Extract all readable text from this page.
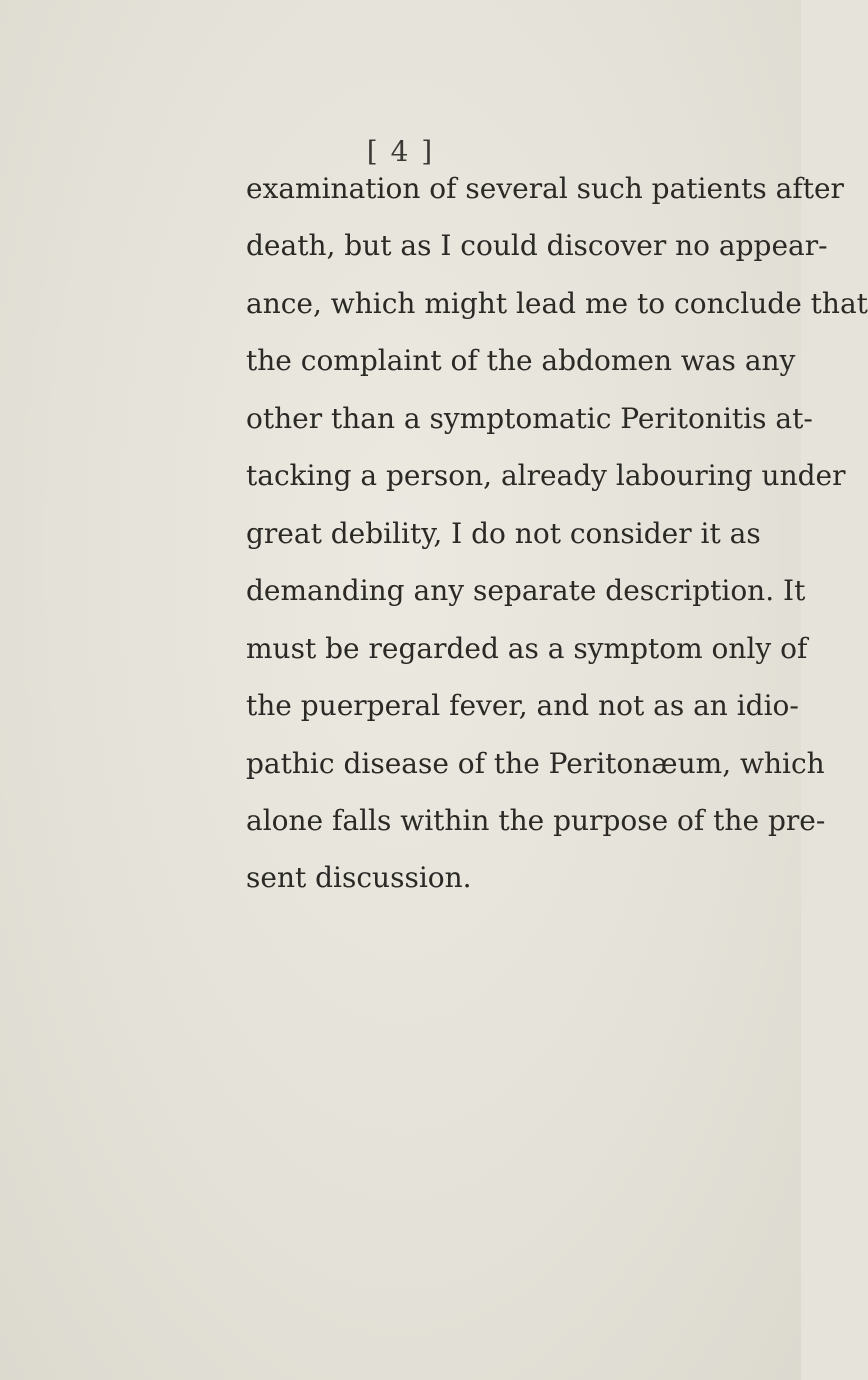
[ 4 ]
examination of several such patients after
death, but as I could discover no appear-
ance, which might lead me to conclude that
the complaint of the abdomen was any
other than a symptomatic Peritonitis at-
tacking a person, already labouring under
great debility, I do not consider it as
demanding any separate description. It
must be regarded as a symptom only of
the puerperal fever, and not as an idio-
pathic disease of the Peritonæum, which
alone falls within the purpose of the pre-
sent discussion.
